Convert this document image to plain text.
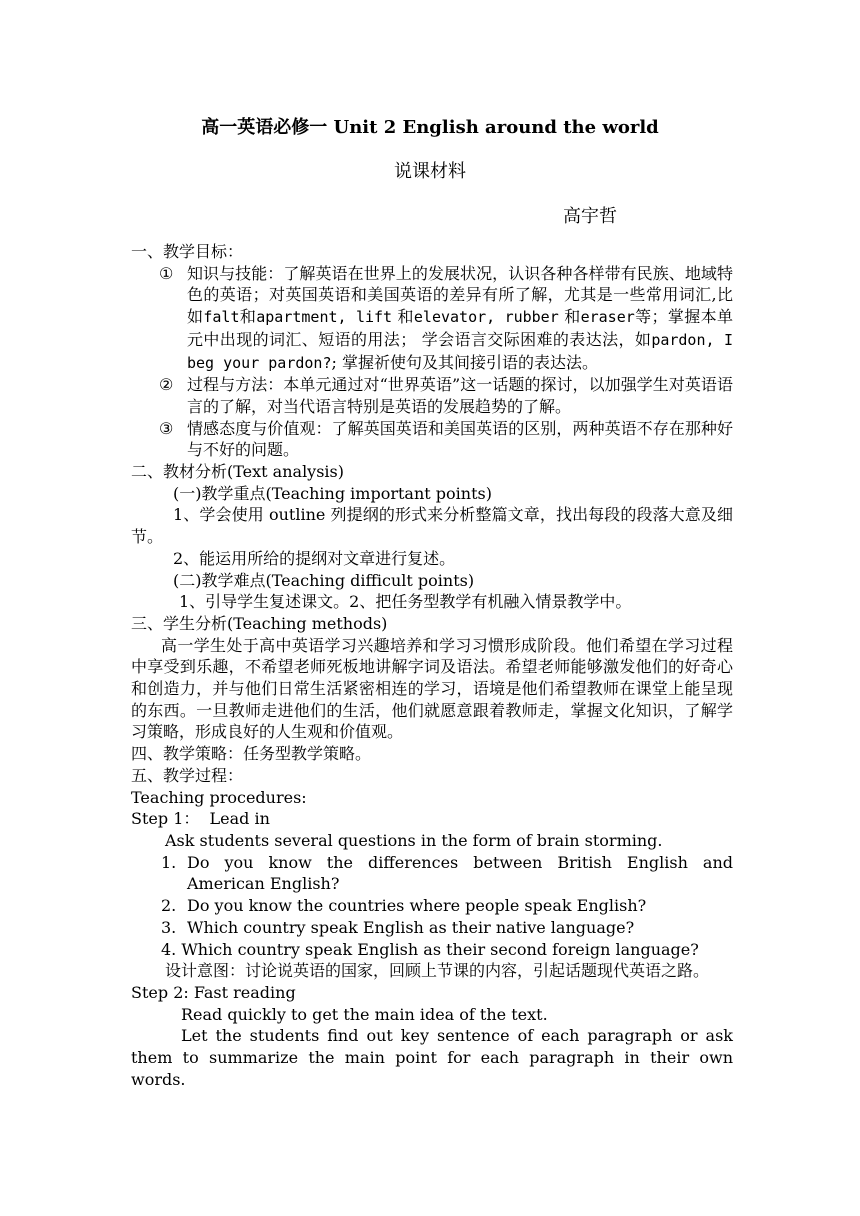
高一英语必修一 Unit 2 English around the world
说课材料
高宇哲

一、教学目标：

① 知识与技能：了解英语在世界上的发展状况，认识各种各样带有民族、地域特色的英语；对英国英语和美国英语的差异有所了解，尤其是一些常用词汇,比如falt和apartment, lift 和elevator, rubber 和eraser等；掌握本单元中出现的词汇、短语的用法； 学会语言交际困难的表达法，如pardon, I beg your pardon?; 掌握祈使句及其间接引语的表达法。
② 过程与方法：本单元通过对“世界英语”这一话题的探讨，以加强学生对英语语言的了解，对当代语言特别是英语的发展趋势的了解。
③ 情感态度与价值观：了解英国英语和美国英语的区别，两种英语不存在那种好与不好的问题。

二、教材分析(Text analysis)

(一)教学重点(Teaching important points)

1、学会使用 outline 列提纲的形式来分析整篇文章，找出每段的段落大意及细节。

2、能运用所给的提纲对文章进行复述。

(二)教学难点(Teaching difficult points)

1、引导学生复述课文。2、把任务型教学有机融入情景教学中。

三、学生分析(Teaching methods)

高一学生处于高中英语学习兴趣培养和学习习惯形成阶段。他们希望在学习过程中享受到乐趣，不希望老师死板地讲解字词及语法。希望老师能够激发他们的好奇心和创造力，并与他们日常生活紧密相连的学习，语境是他们希望教师在课堂上能呈现的东西。一旦教师走进他们的生活，他们就愿意跟着教师走，掌握文化知识，了解学习策略，形成良好的人生观和价值观。

四、教学策略：任务型教学策略。

五、教学过程：

Teaching procedures:

Step 1：  Lead in

Ask students several questions in the form of brain storming.

1. Do you know the differences between British English and American English?
2. Do you know the countries where people speak English?
3. Which country speak English as their native language?

4. Which country speak English as their second foreign language?

设计意图：讨论说英语的国家，回顾上节课的内容，引起话题现代英语之路。

Step 2: Fast reading

Read quickly to get the main idea of the text.

Let the students find out key sentence of each paragraph or ask them to summarize the main point for each paragraph in their own words.
